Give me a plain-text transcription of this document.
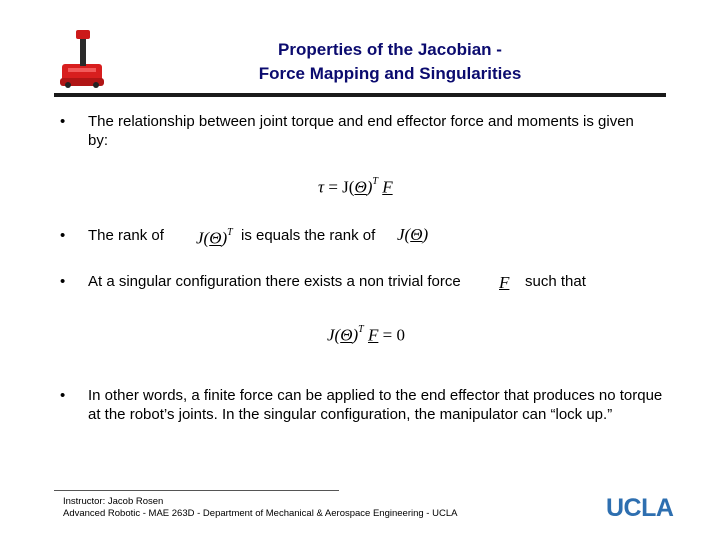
Properties of the Jacobian -
Force Mapping and Singularities
• The relationship between joint torque and end effector force and moments is given by:
$\tau = J(\Theta)^T$ F
• The rank of $J(\Theta)^T$ is equals the rank of J(Θ)
• At a singular configuration there exists a non trivial force F such that
$J(\Theta)^T$ F = 0
• In other words, a finite force can be applied to the end effector that produces no torque at the robot’s joints. In the singular configuration, the manipulator can “lock up.”
Instructor: Jacob Rosen
Advanced Robotic - MAE 263D - Department of Mechanical & Aerospace Engineering - UCLA	UCLA
